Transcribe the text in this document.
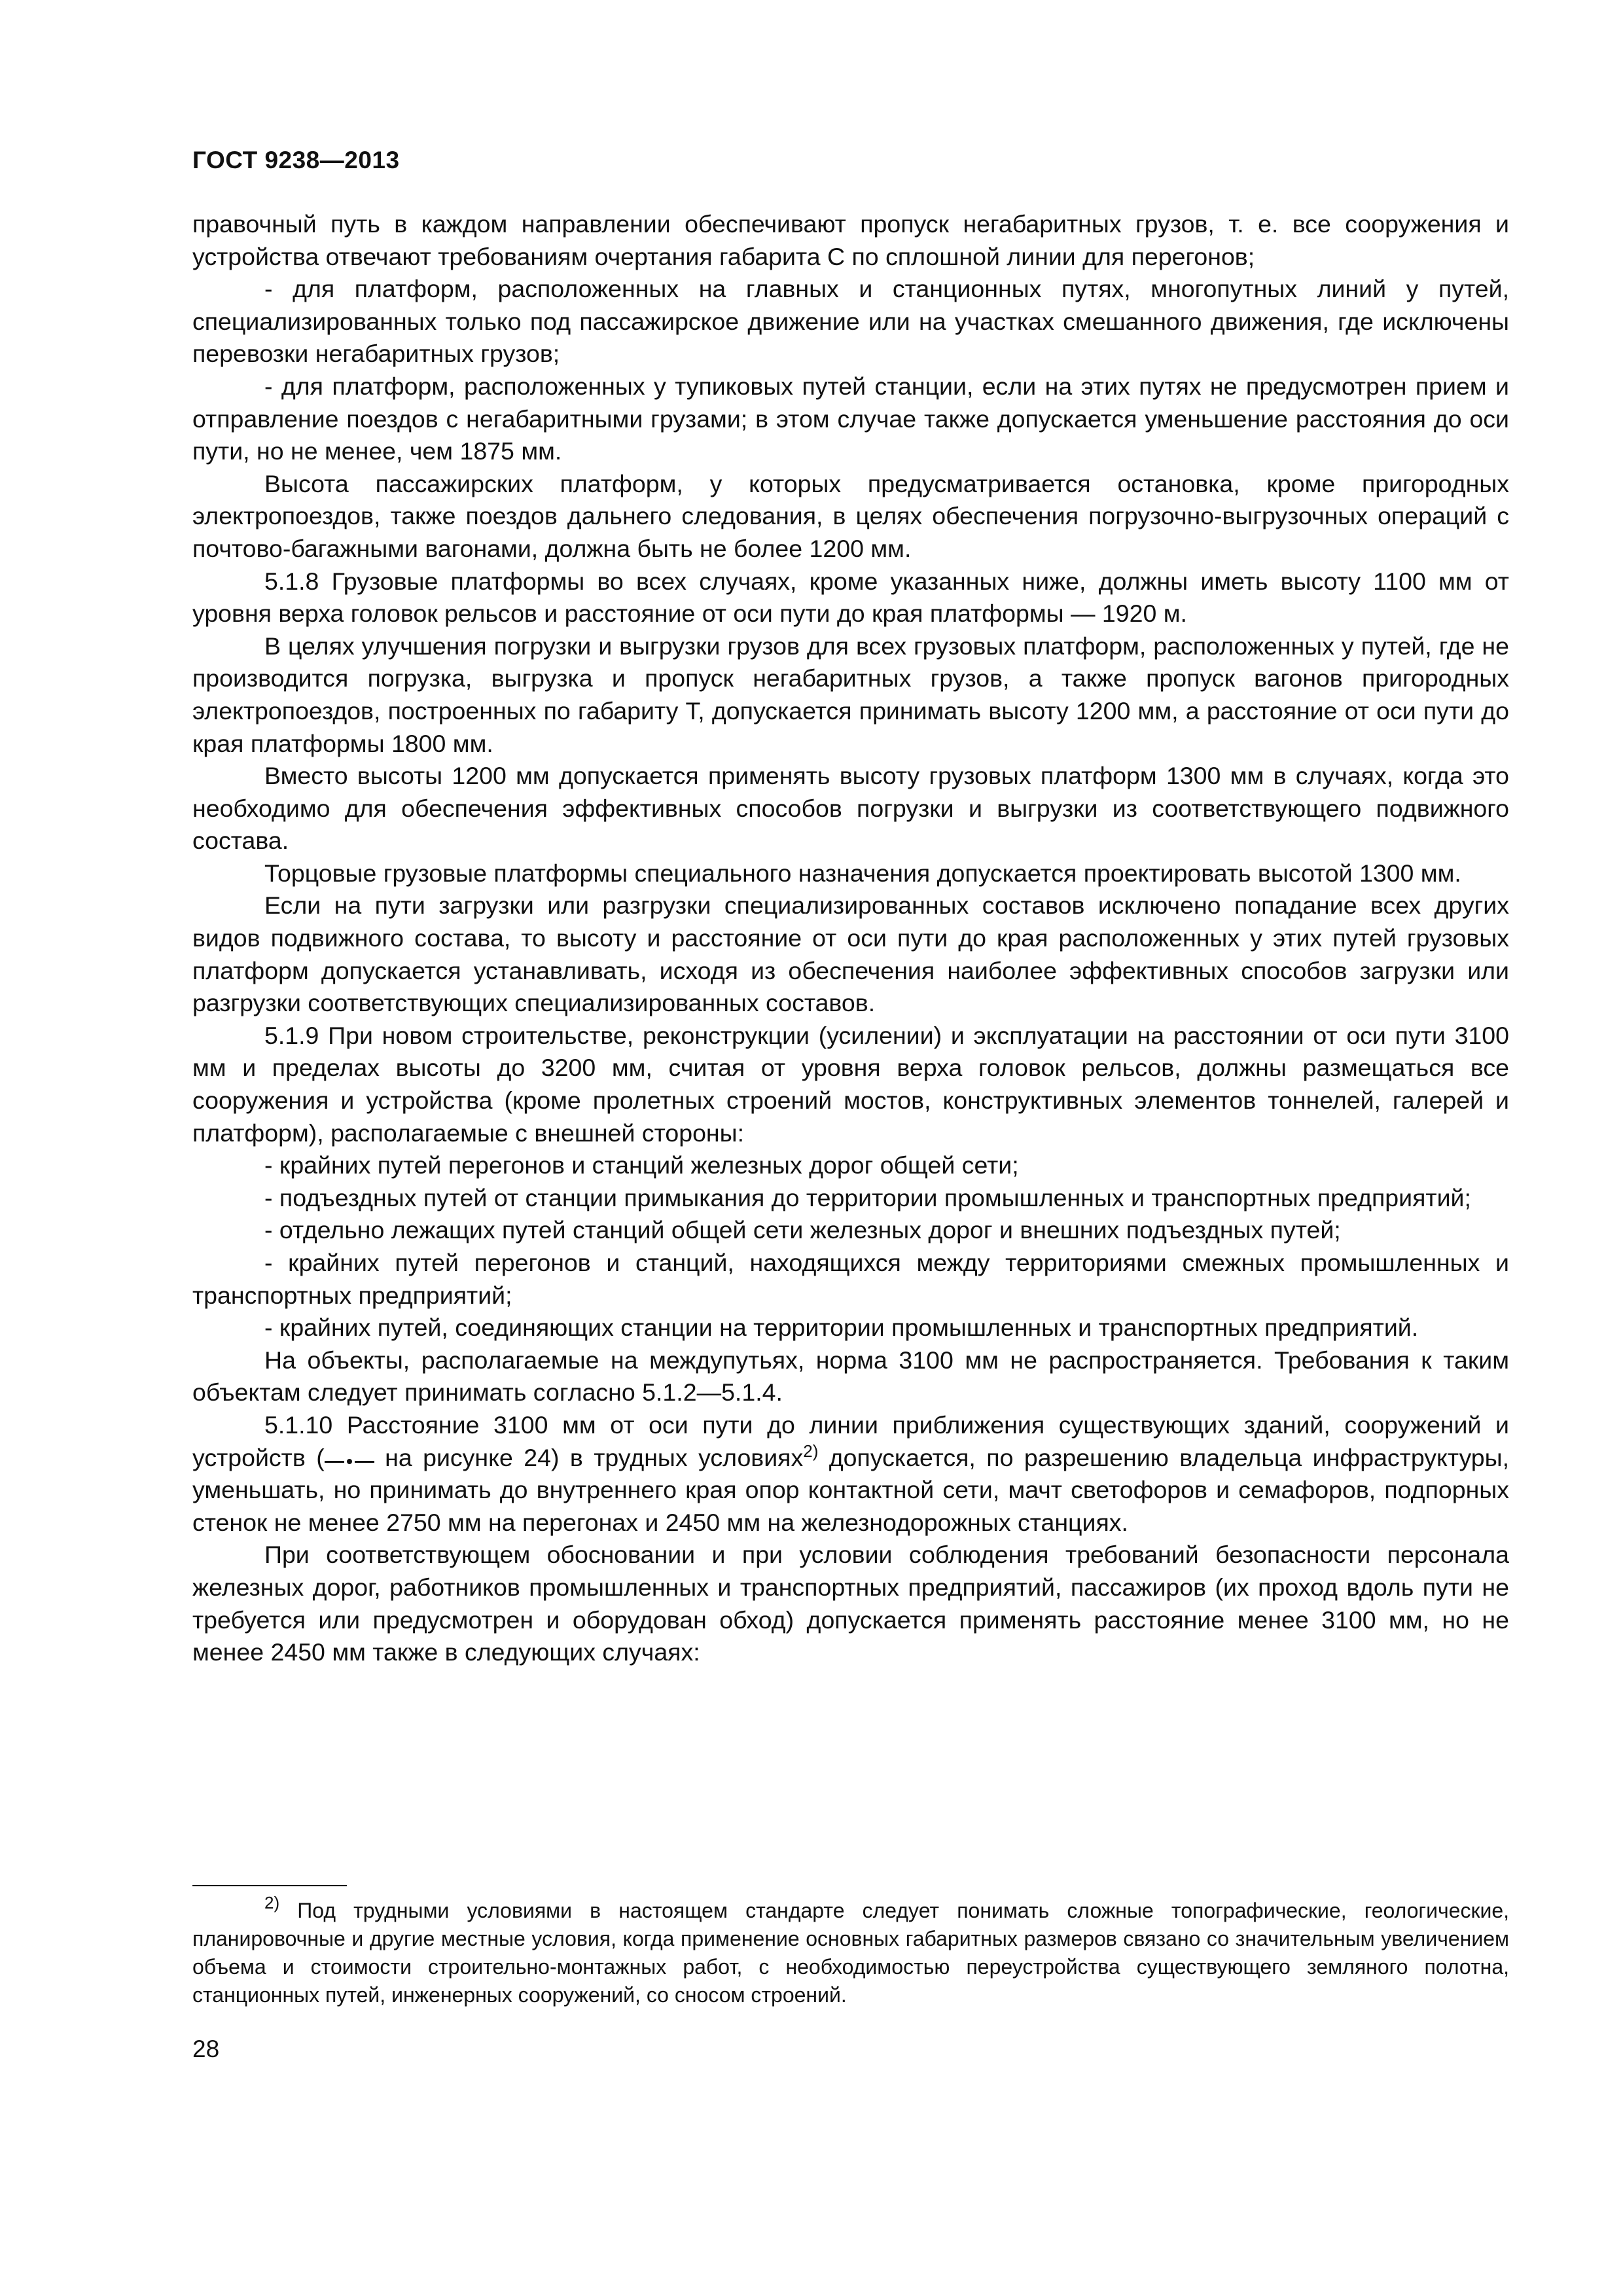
ГОСТ 9238—2013

правочный путь в каждом направлении обеспечивают пропуск негабаритных грузов, т. е. все сооружения и устройства отвечают требованиям очертания габарита С по сплошной линии для перегонов;

- для платформ, расположенных на главных и станционных путях, многопутных линий у путей, специализированных только под пассажирское движение или на участках смешанного движения, где исключены перевозки негабаритных грузов;

- для платформ, расположенных у тупиковых путей станции, если на этих путях не предусмотрен прием и отправление поездов с негабаритными грузами; в этом случае также допускается уменьшение расстояния до оси пути, но не менее, чем 1875 мм.

Высота пассажирских платформ, у которых предусматривается остановка, кроме пригородных электропоездов, также поездов дальнего следования, в целях обеспечения погрузочно-выгрузочных операций с почтово-багажными вагонами, должна быть не более 1200 мм.

5.1.8 Грузовые платформы во всех случаях, кроме указанных ниже, должны иметь высоту 1100 мм от уровня верха головок рельсов и расстояние от оси пути до края платформы — 1920 м.

В целях улучшения погрузки и выгрузки грузов для всех грузовых платформ, расположенных у путей, где не производится погрузка, выгрузка и пропуск негабаритных грузов, а также пропуск вагонов пригородных электропоездов, построенных по габариту Т, допускается принимать высоту 1200 мм, а расстояние от оси пути до края платформы 1800 мм.

Вместо высоты 1200 мм допускается применять высоту грузовых платформ 1300 мм в случаях, когда это необходимо для обеспечения эффективных способов погрузки и выгрузки из соответствующего подвижного состава.

Торцовые грузовые платформы специального назначения допускается проектировать высотой 1300 мм.

Если на пути загрузки или разгрузки специализированных составов исключено попадание всех других видов подвижного состава, то высоту и расстояние от оси пути до края расположенных у этих путей грузовых платформ допускается устанавливать, исходя из обеспечения наиболее эффективных способов загрузки или разгрузки соответствующих специализированных составов.

5.1.9 При новом строительстве, реконструкции (усилении) и эксплуатации на расстоянии от оси пути 3100 мм и пределах высоты до 3200 мм, считая от уровня верха головок рельсов, должны размещаться все сооружения и устройства (кроме пролетных строений мостов, конструктивных элементов тоннелей, галерей и платформ), располагаемые с внешней стороны:

- крайних путей перегонов и станций железных дорог общей сети;

- подъездных путей от станции примыкания до территории промышленных и транспортных предприятий;

- отдельно лежащих путей станций общей сети железных дорог и внешних подъездных путей;

- крайних путей перегонов и станций, находящихся между территориями смежных промышленных и транспортных предприятий;

- крайних путей, соединяющих станции на территории промышленных и транспортных предприятий.

На объекты, располагаемые на междупутьях, норма 3100 мм не распространяется. Требования к таким объектам следует принимать согласно 5.1.2—5.1.4.

5.1.10 Расстояние 3100 мм от оси пути до линии приближения существующих зданий, сооружений и устройств (
на рисунке 24) в трудных условиях$^{2)}$ допускается, по разрешению владельца инфраструктуры, уменьшать, но принимать до внутреннего края опор контактной сети, мачт светофоров и семафоров, подпорных стенок не менее 2750 мм на перегонах и 2450 мм на железнодорожных станциях.

При соответствующем обосновании и при условии соблюдения требований безопасности персонала железных дорог, работников промышленных и транспортных предприятий, пассажиров (их проход вдоль пути не требуется или предусмотрен и оборудован обход) допускается применять расстояние менее 3100 мм, но не менее 2450 мм также в следующих случаях:

$^{2)}$ Под трудными условиями в настоящем стандарте следует понимать сложные топографические, геологические, планировочные и другие местные условия, когда применение основных габаритных размеров связано со значительным увеличением объема и стоимости строительно-монтажных работ, с необходимостью переустройства существующего земляного полотна, станционных путей, инженерных сооружений, со сносом строений.
28
